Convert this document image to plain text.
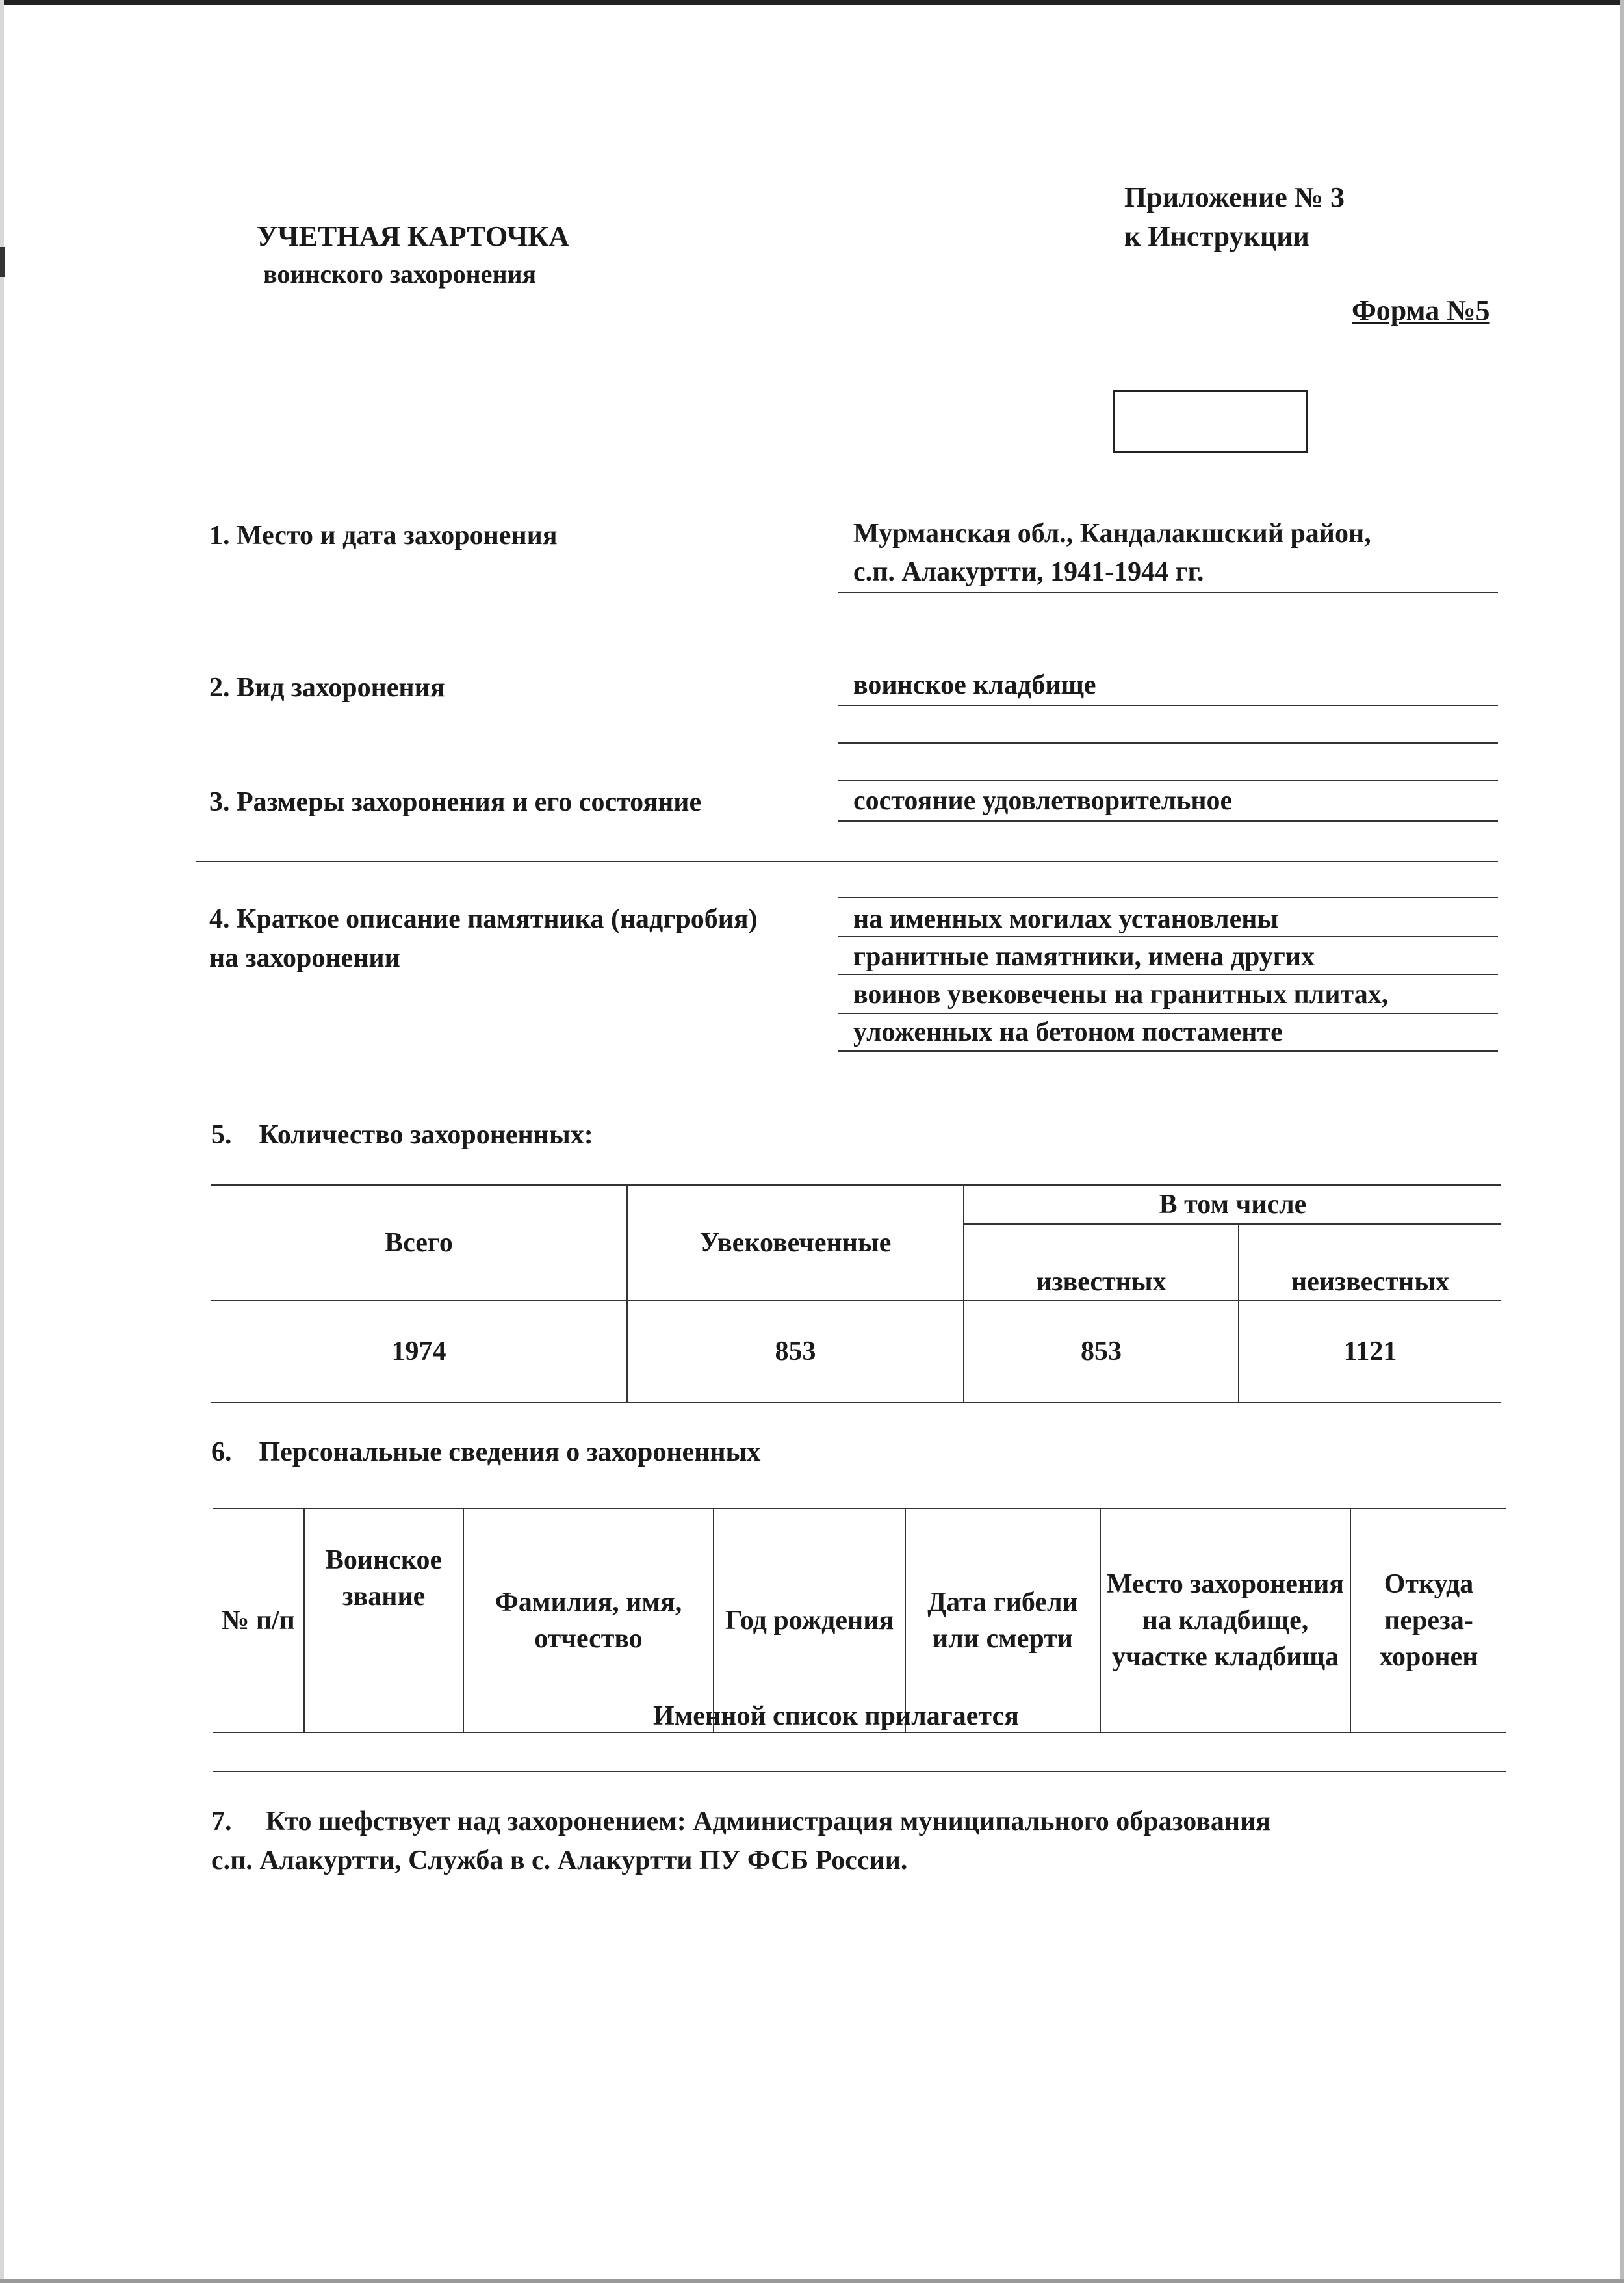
УЧЕТНАЯ КАРТОЧКА
воинского захоронения
Приложение № 3
к Инструкции
Форма №5
1. Место и дата захоронения	Мурманская обл., Кандалакшский район,
с.п. Алакуртти, 1941-1944 гг.
2. Вид захоронения	воинское кладбище
3. Размеры захоронения и его состояние	состояние удовлетворительное
4. Краткое описание памятника (надгробия)
на захоронении
на именных могилах установлены
гранитные памятники, имена других
воинов увековечены на гранитных плитах,
уложенных на бетоном постаменте
5.    Количество захороненных:
Всего	Увековеченные	В том числе	
		известных	неизвестных
1974	853	853	1121
6.    Персональные сведения о захороненных
№ п/п	Воинское звание	Фамилия, имя, отчество	Год рождения	Дата гибели или смерти	Место захоронения на кладбище, участке кладбища	Откуда переза-хоронен
Именной список прилагается
7.     Кто шефствует над захоронением: Администрация муниципального образования
с.п. Алакуртти, Служба в с. Алакуртти ПУ ФСБ России.
